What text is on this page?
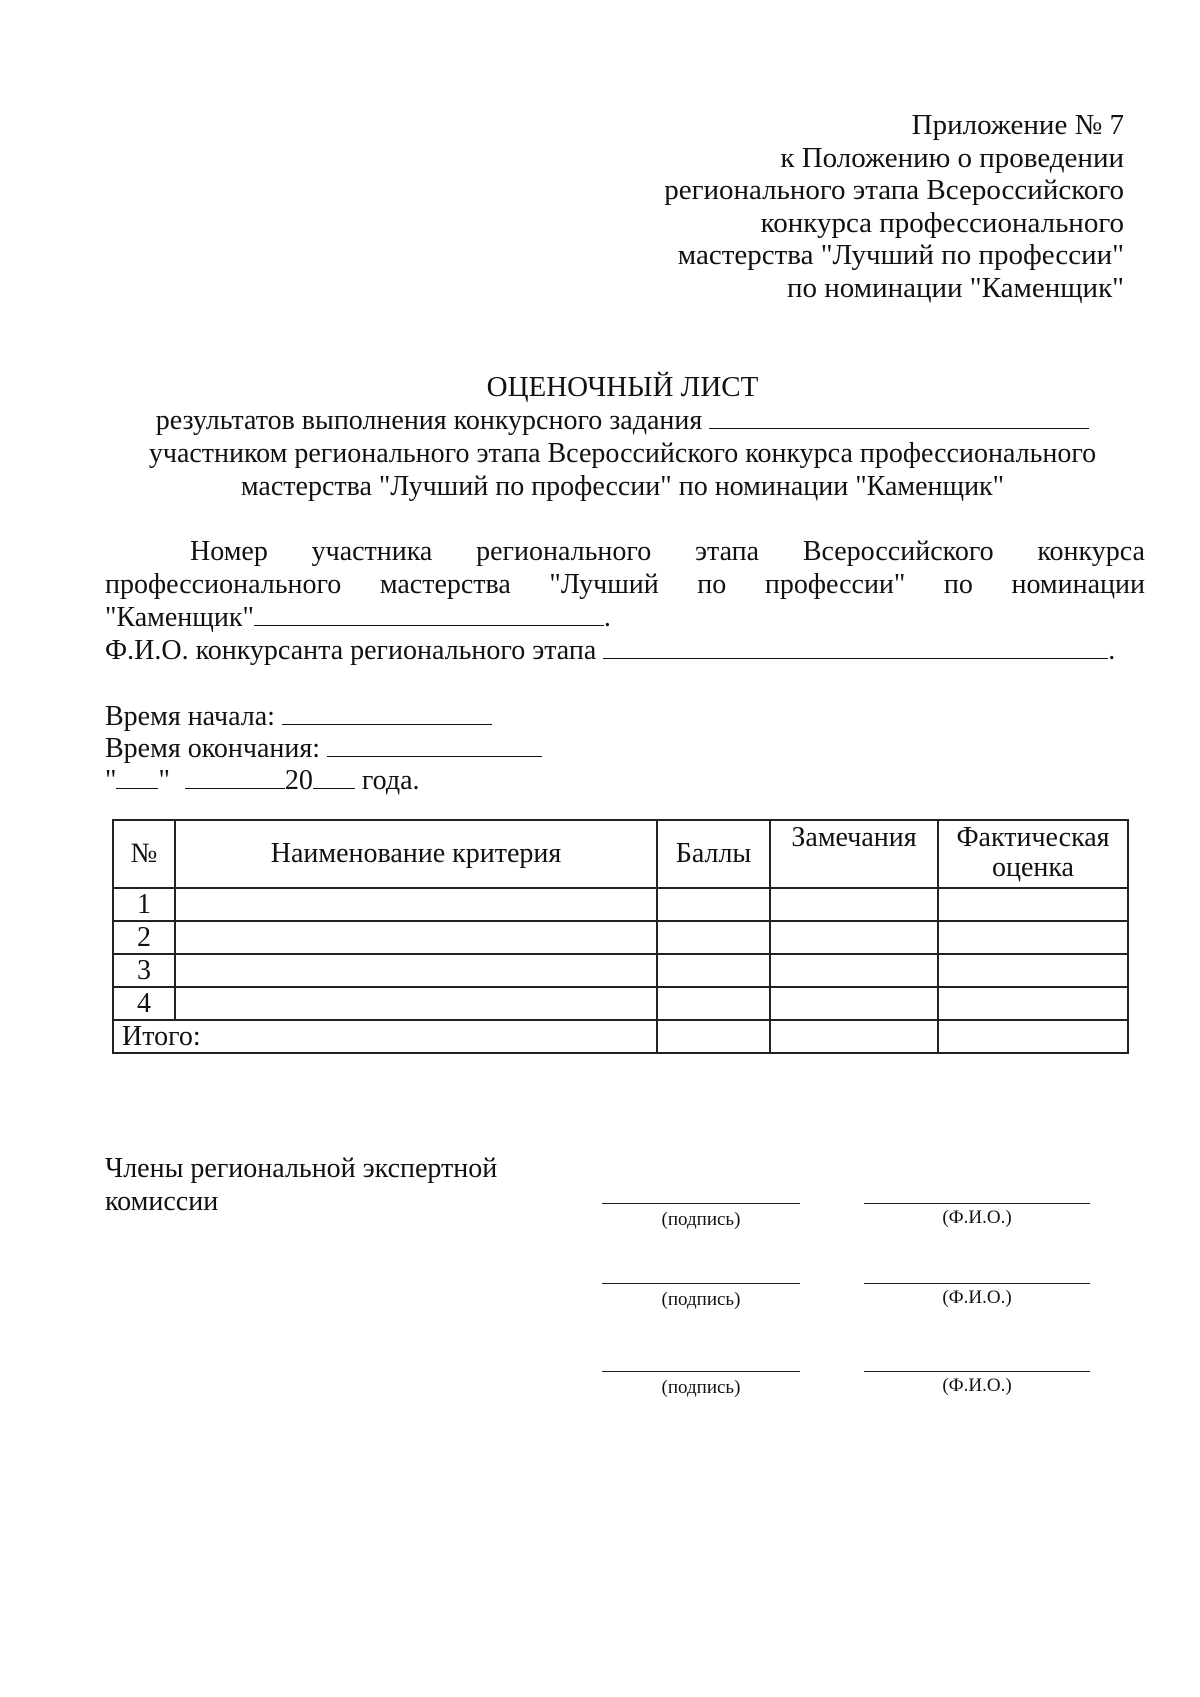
Приложение № 7
к Положению о проведении
регионального этапа Всероссийского
конкурса профессионального
мастерства "Лучший по профессии"
по номинации "Каменщик"
ОЦЕНОЧНЫЙ ЛИСТ
результатов выполнения конкурсного задания
участником регионального этапа Всероссийского конкурса профессионального
мастерства "Лучший по профессии" по номинации "Каменщик"
Номер участника регионального этапа Всероссийского конкурса
профессионального мастерства "Лучший по профессии" по номинации
"Каменщик"	.
Ф.И.О. конкурсанта регионального этапа	.
Время начала:
Время окончания:
" "	20 года.
№	Наименование критерия	Баллы	Замечания	Фактическая
оценка

1				
2				
3				
4				
Итого:				
Члены региональной экспертной
комиссии
(подпись)	(Ф.И.О.)
(подпись)	(Ф.И.О.)
(подпись)	(Ф.И.О.)
